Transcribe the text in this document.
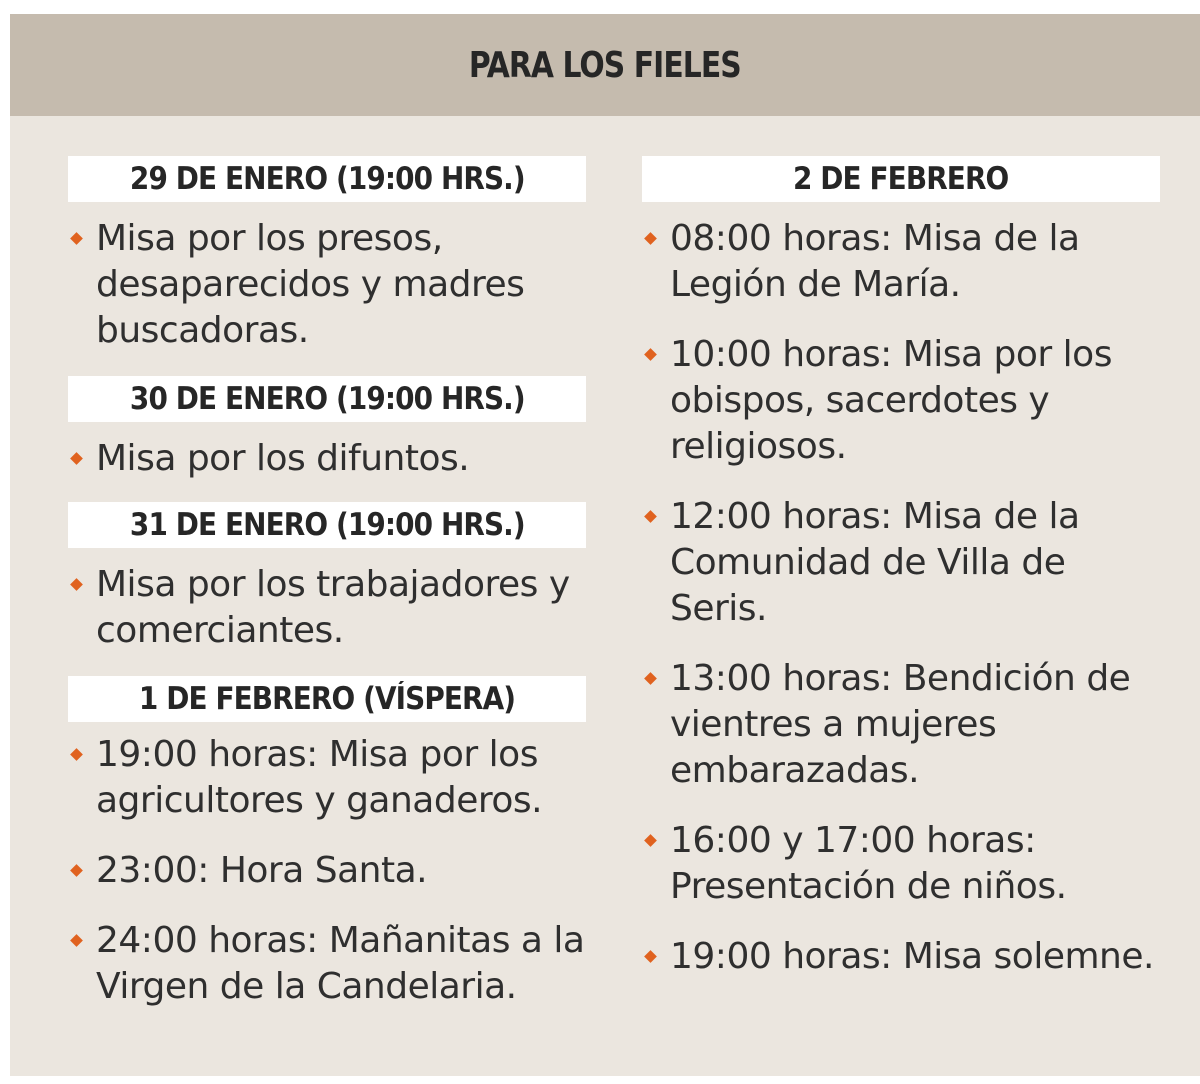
PARA LOS FIELES
29 DE ENERO (19:00 HRS.)
Misa por los presos, desaparecidos y madres buscadoras.
30 DE ENERO (19:00 HRS.)
Misa por los difuntos.
31 DE ENERO (19:00 HRS.)
Misa por los trabajadores y comerciantes.
1 DE FEBRERO (VÍSPERA)
19:00 horas: Misa por los agricultores y ganaderos.
23:00: Hora Santa.
24:00 horas: Mañanitas a la Virgen de la Candelaria.
2 DE FEBRERO
08:00 horas: Misa de la Legión de María.
10:00 horas: Misa por los obispos, sacerdotes y religiosos.
12:00 horas: Misa de la Comunidad de Villa de Seris.
13:00 horas: Bendición de vientres a mujeres embarazadas.
16:00 y 17:00 horas: Presentación de niños.
19:00 horas: Misa solemne.
